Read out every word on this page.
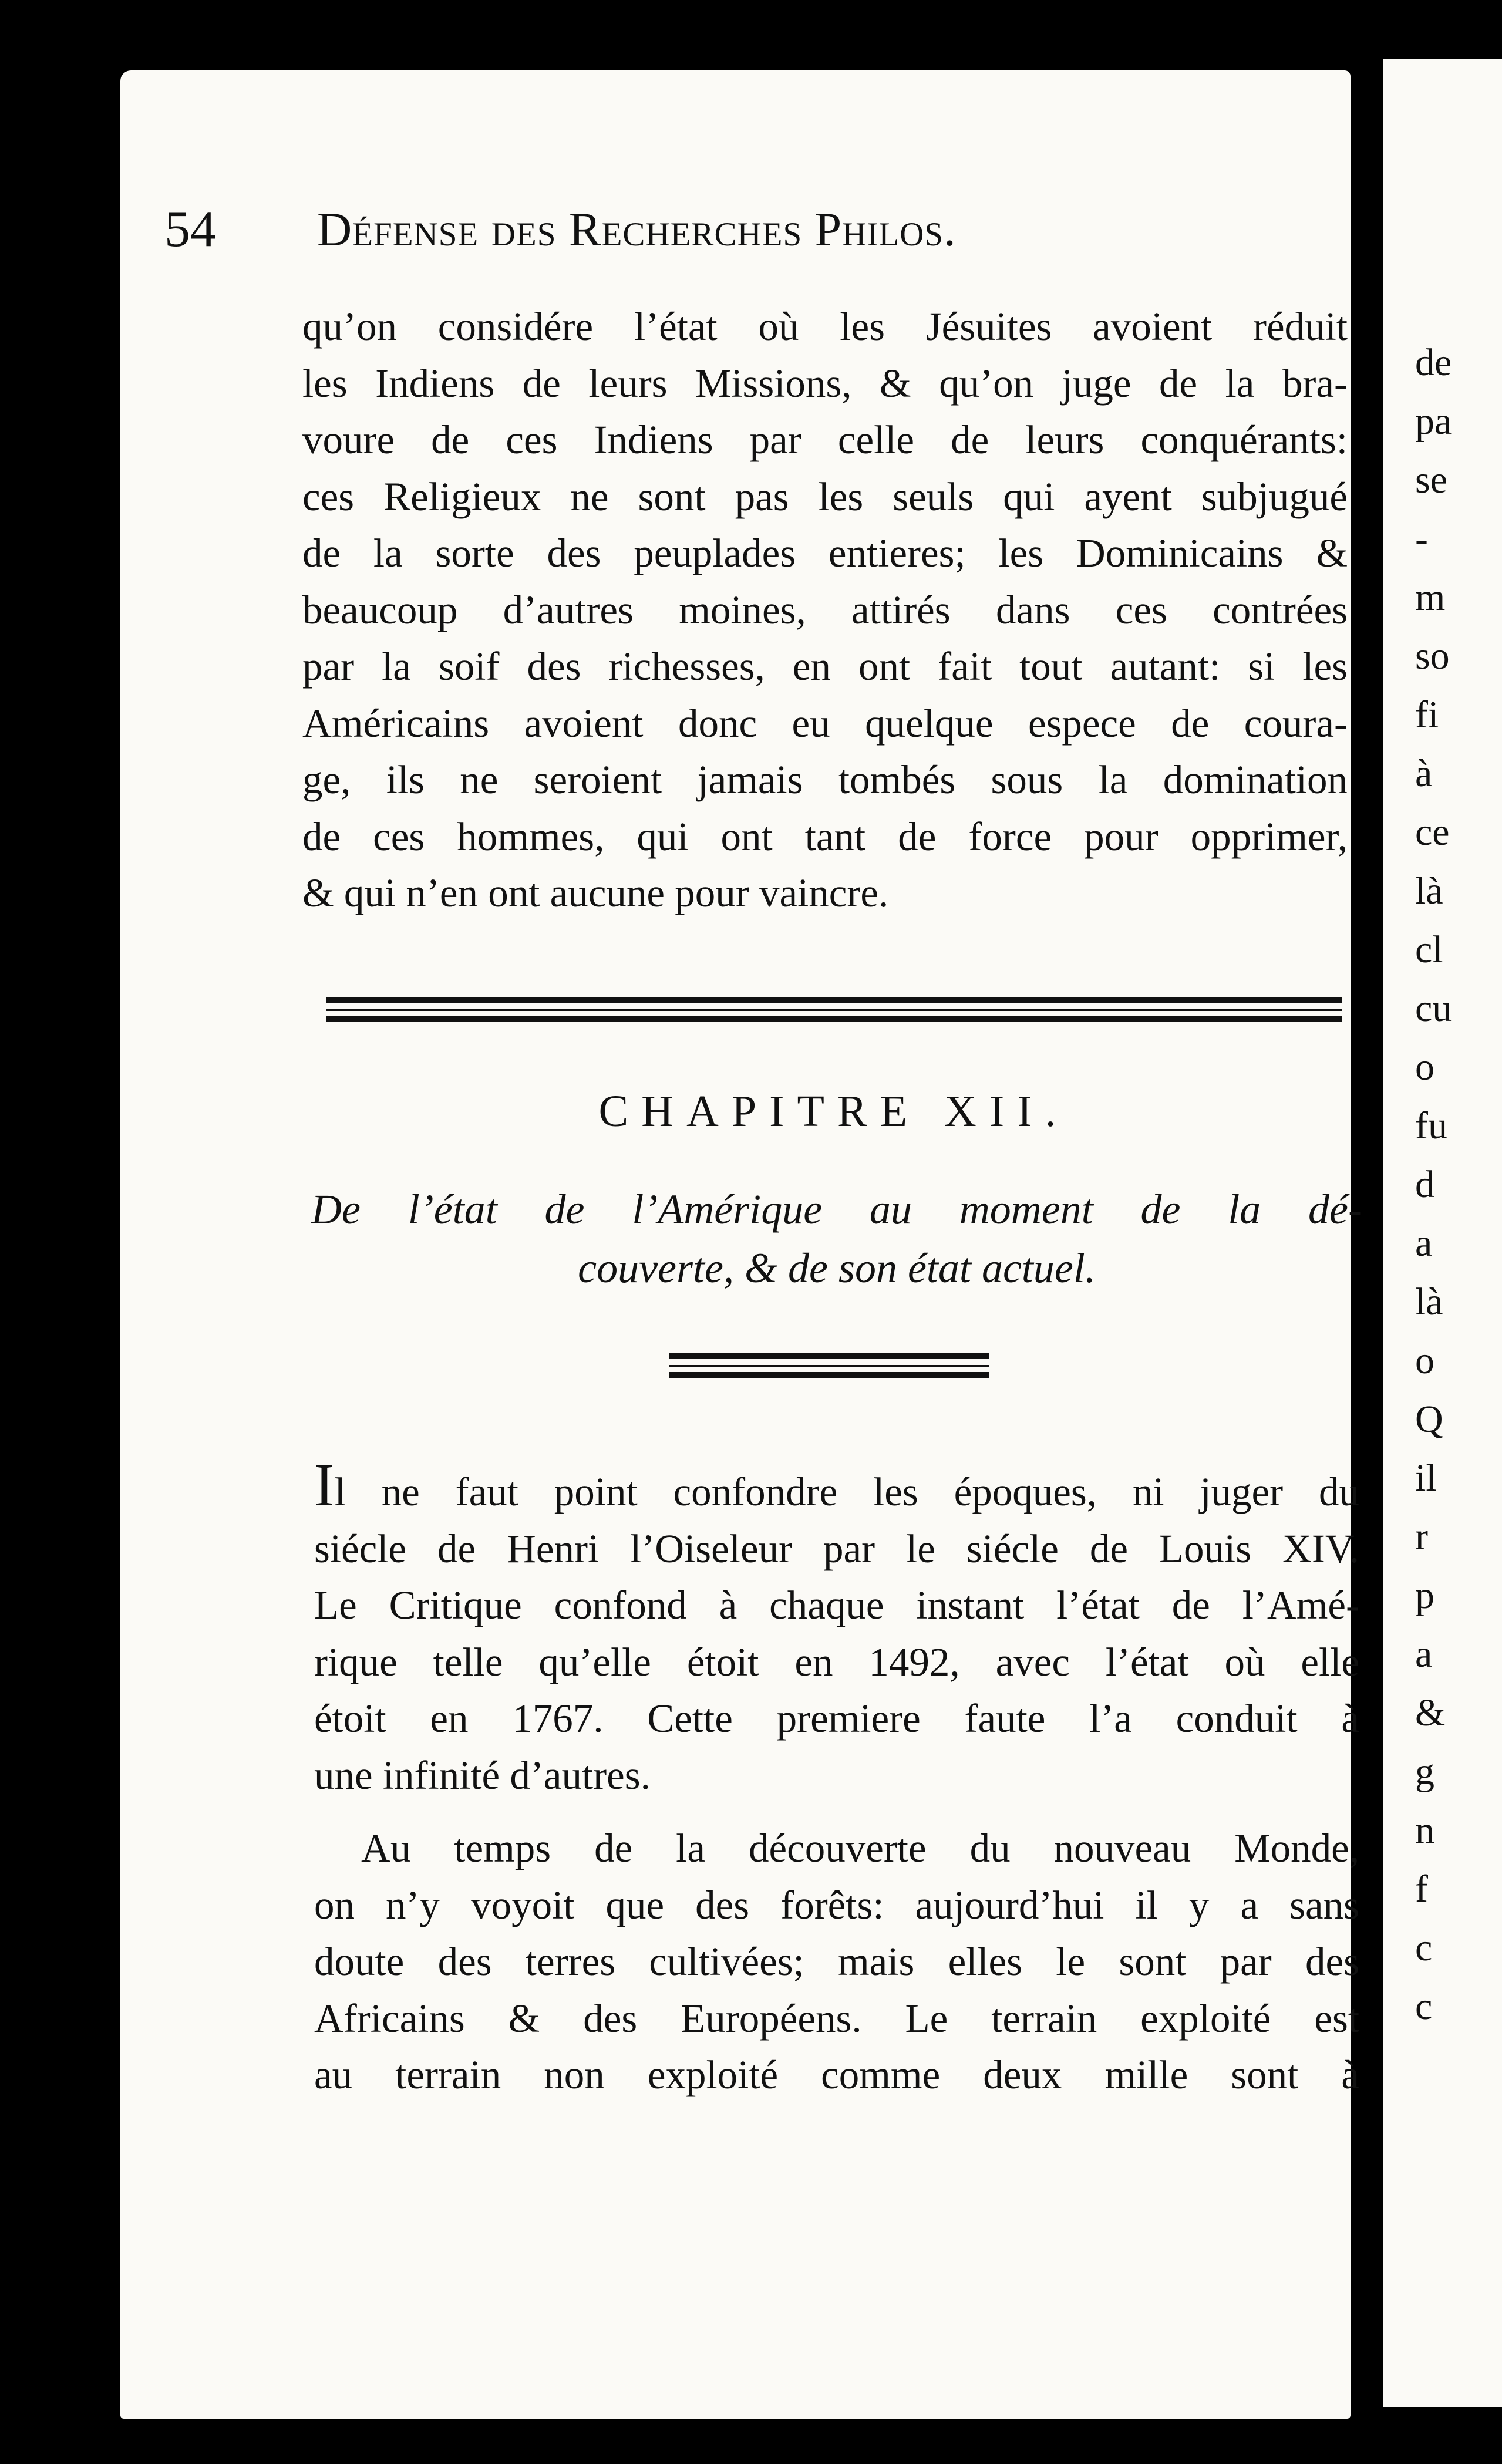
54 Défense des Recherches Philos.
qu’on considére l’état où les Jésuites avoient réduit
les Indiens de leurs Missions, & qu’on juge de la bra-
voure de ces Indiens par celle de leurs conquérants:
ces Religieux ne sont pas les seuls qui ayent subjugué
de la sorte des peuplades entieres; les Dominicains &
beaucoup d’autres moines, attirés dans ces contrées
par la soif des richesses, en ont fait tout autant: si les
Américains avoient donc eu quelque espece de coura-
ge, ils ne seroient jamais tombés sous la domination
de ces hommes, qui ont tant de force pour opprimer,
& qui n’en ont aucune pour vaincre.
CHAPITRE XII.
De l’état de l’Amérique au moment de la dé-
couverte, & de son état actuel.
Il ne faut point confondre les époques, ni juger du
siécle de Henri l’Oiseleur par le siécle de Louis XIV.
Le Critique confond à chaque instant l’état de l’Amé-
rique telle qu’elle étoit en 1492, avec l’état où elle
étoit en 1767. Cette premiere faute l’a conduit à
une infinité d’autres.
Au temps de la découverte du nouveau Monde,
on n’y voyoit que des forêts: aujourd’hui il y a sans
doute des terres cultivées; mais elles le sont par des
Africains & des Européens. Le terrain exploité est
au terrain non exploité comme deux mille sont à
de
pa
se
-
m
so
fi
à
ce
là
cl
cu
o
fu
d
a
là
o
Q
il
r
p
a
&
g
n
f
c
c
